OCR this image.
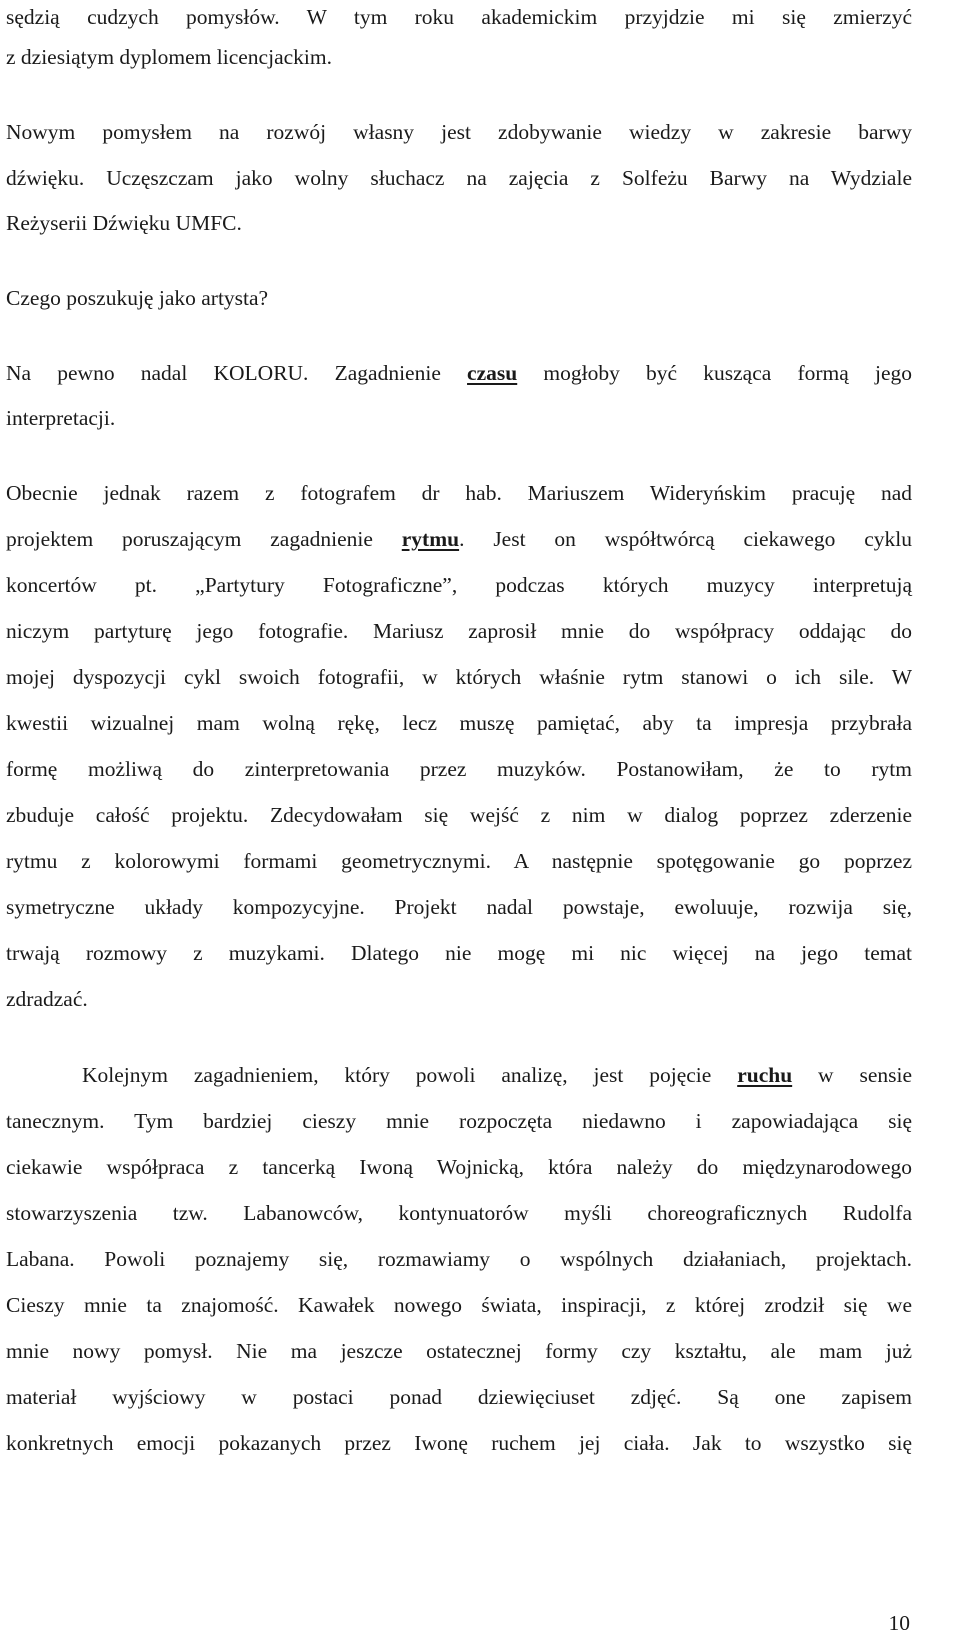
sędzią cudzych pomysłów. W tym roku akademickim przyjdzie mi się zmierzyć

z dziesiątym dyplomem licencjackim.

Nowym pomysłem na rozwój własny jest zdobywanie wiedzy w zakresie barwy

dźwięku. Uczęszczam jako wolny słuchacz na zajęcia z Solfeżu Barwy na Wydziale

Reżyserii Dźwięku UMFC.

Czego poszukuję jako artysta?

Na pewno nadal KOLORU. Zagadnienie czasu mogłoby być kusząca formą jego

interpretacji.

Obecnie jednak razem z fotografem dr hab. Mariuszem Wideryńskim pracuję nad

projektem poruszającym zagadnienie rytmu. Jest on współtwórcą ciekawego cyklu

koncertów pt. „Partytury Fotograficzne”, podczas których muzycy interpretują

niczym partyturę jego fotografie. Mariusz zaprosił mnie do współpracy oddając do

mojej dyspozycji cykl swoich fotografii, w których właśnie rytm stanowi o ich sile. W

kwestii wizualnej mam wolną rękę, lecz muszę pamiętać, aby ta impresja przybrała

formę możliwą do zinterpretowania przez muzyków. Postanowiłam, że to rytm

zbuduje całość projektu. Zdecydowałam się wejść z nim w dialog poprzez zderzenie

rytmu z kolorowymi formami geometrycznymi. A następnie spotęgowanie go poprzez

symetryczne układy kompozycyjne. Projekt nadal powstaje, ewoluuje, rozwija się,

trwają rozmowy z muzykami. Dlatego nie mogę mi nic więcej na jego temat

zdradzać.

Kolejnym zagadnieniem, który powoli analizę, jest pojęcie ruchu w sensie

tanecznym. Tym bardziej cieszy mnie rozpoczęta niedawno i zapowiadająca się

ciekawie współpraca z tancerką Iwoną Wojnicką, która należy do międzynarodowego

stowarzyszenia tzw. Labanowców, kontynuatorów myśli choreograficznych Rudolfa

Labana. Powoli poznajemy się, rozmawiamy o wspólnych działaniach, projektach.

Cieszy mnie ta znajomość. Kawałek nowego świata, inspiracji, z której zrodził się we

mnie nowy pomysł. Nie ma jeszcze ostatecznej formy czy kształtu, ale mam już

materiał wyjściowy w postaci ponad dziewięciuset zdjęć. Są one zapisem

konkretnych emocji pokazanych przez Iwonę ruchem jej ciała. Jak to wszystko się

10
